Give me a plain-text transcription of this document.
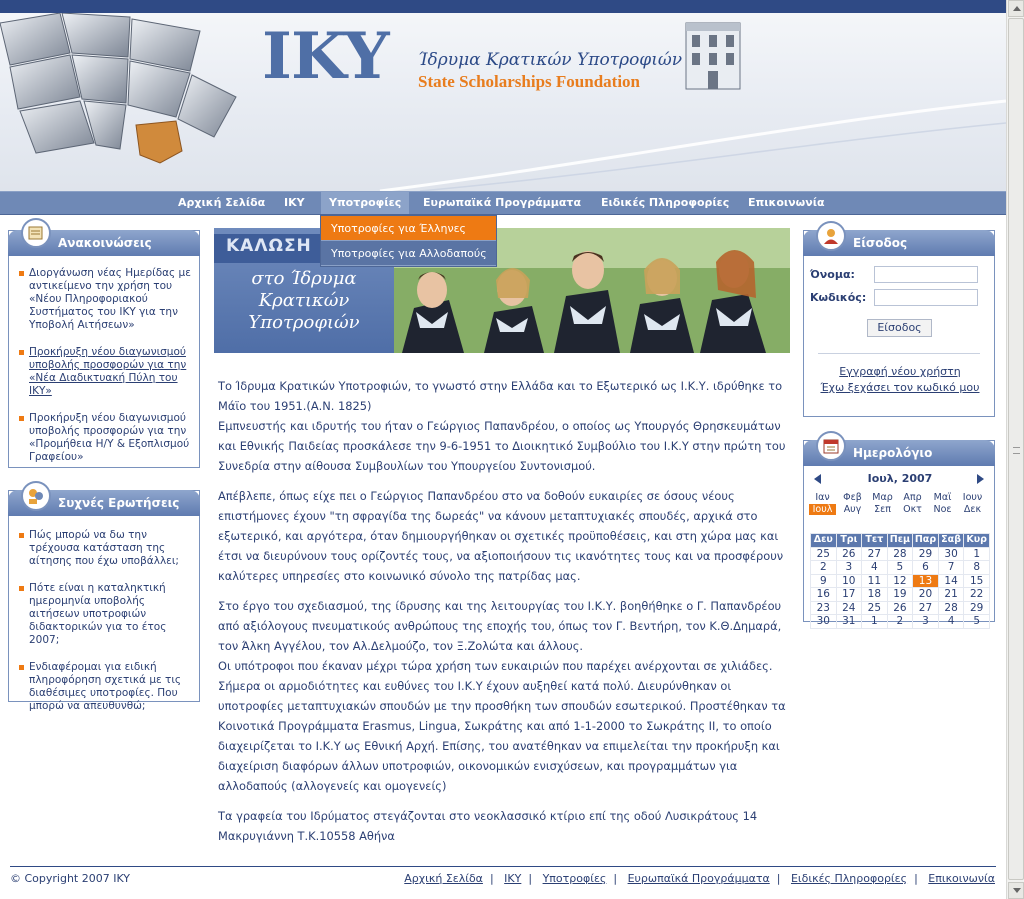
IKY Ίδρυμα Κρατικών Υποτροφιών
State Scholarships Foundation
Αρχική Σελίδα	ΙΚΥ	Υποτροφίες	Ευρωπαϊκά Προγράμματα	Ειδικές Πληροφορίες	Επικοινωνία
ΚΑΛΩΣΗ
στο Ίδρυμα
Κρατικών
Υποτροφιών
Υποτροφίες για Έλληνες
Υποτροφίες για Αλλοδαπούς
Ανακοινώσεις
Διοργάνωση νέας Ημερίδας με αντικείμενο την χρήση του «Νέου Πληροφοριακού Συστήματος του ΙΚΥ για την Υποβολή Αιτήσεων»
Προκήρυξη νέου διαγωνισμού υποβολής προσφορών για την «Νέα Διαδικτυακή Πύλη του ΙΚΥ»
Προκήρυξη νέου διαγωνισμού υποβολής προσφορών για την «Προμήθεια Η/Υ & Εξοπλισμού Γραφείου»
Συχνές Ερωτήσεις
Πώς μπορώ να δω την τρέχουσα κατάσταση της αίτησης που έχω υποβάλλει;
Πότε είναι η καταληκτική ημερομηνία υποβολής αιτήσεων υποτροφιών διδακτορικών για το έτος 2007;
Ενδιαφέρομαι για ειδική πληροφόρηση σχετικά με τις διαθέσιμες υποτροφίες. Που μπορώ να απευθυνθώ;

Το Ίδρυμα Κρατικών Υποτροφιών, το γνωστό στην Ελλάδα και το Εξωτερικό ως Ι.Κ.Υ. ιδρύθηκε το Μάϊο του 1951.(Α.Ν. 1825)
Εμπνευστής και ιδρυτής του ήταν ο Γεώργιος Παπανδρέου, ο οποίος ως Υπουργός Θρησκευμάτων και Εθνικής Παιδείας προσκάλεσε την 9-6-1951 το Διοικητικό Συμβούλιο του Ι.Κ.Υ στην πρώτη του Συνεδρία στην αίθουσα Συμβουλίων του Υπουργείου Συντονισμού.

Απέβλεπε, όπως είχε πει ο Γεώργιος Παπανδρέου στο να δοθούν ευκαιρίες σε όσους νέους επιστήμονες έχουν "τη σφραγίδα της δωρεάς" να κάνουν μεταπτυχιακές σπουδές, αρχικά στο εξωτερικό, και αργότερα, όταν δημιουργήθηκαν οι σχετικές προϋποθέσεις, και στη χώρα μας και έτσι να διευρύνουν τους ορίζοντές τους, να αξιοποιήσουν τις ικανότητες τους και να προσφέρουν καλύτερες υπηρεσίες στο κοινωνικό σύνολο της πατρίδας μας.

Στο έργο του σχεδιασμού, της ίδρυσης και της λειτουργίας του Ι.Κ.Υ. βοηθήθηκε ο Γ. Παπανδρέου από αξιόλογους πνευματικούς ανθρώπους της εποχής του, όπως τον Γ. Βεντήρη, τον Κ.Θ.Δημαρά, τον Άλκη Αγγέλου, τον Αλ.Δελμούζο, τον Ξ.Ζολώτα και άλλους.
Οι υπότροφοι που έκαναν μέχρι τώρα χρήση των ευκαιριών που παρέχει ανέρχονται σε χιλιάδες. Σήμερα οι αρμοδιότητες και ευθύνες του Ι.Κ.Υ έχουν αυξηθεί κατά πολύ. Διευρύνθηκαν οι υποτροφίες μεταπτυχιακών σπουδών με την προσθήκη των σπουδών εσωτερικού. Προστέθηκαν τα Κοινοτικά Προγράμματα Erasmus, Lingua, Σωκράτης και από 1-1-2000 το Σωκράτης ΙΙ, το οποίο διαχειρίζεται το Ι.Κ.Υ ως Εθνική Αρχή. Επίσης, του ανατέθηκαν να επιμελείται την προκήρυξη και διαχείριση διαφόρων άλλων υποτροφιών, οικονομικών ενισχύσεων, και προγραμμάτων για αλλοδαπούς (αλλογενείς και ομογενείς)

Τα γραφεία του Ιδρύματος στεγάζονται στο νεοκλασσικό κτίριο επί της οδού Λυσικράτους 14 Μακρυγιάννη Τ.Κ.10558 Αθήνα

Είσοδος
Όνομα:
Κωδικός:
Είσοδος
Εγγραφή νέου χρήστη
Έχω ξεχάσει τον κωδικό μου
Ημερολόγιο
Ιουλ, 2007
Ιαν	Φεβ	Μαρ	Απρ	Μαϊ	Ιουν
Ιουλ	Αυγ	Σεπ	Οκτ	Νοε	Δεκ
Δευ	Τρι	Τετ	Πεμ	Παρ	Σαβ	Κυρ
25	26	27	28	29	30	1
2	3	4	5	6	7	8
9	10	11	12	13	14	15
16	17	18	19	20	21	22
23	24	25	26	27	28	29
30	31	1	2	3	4	5
© Copyright 2007 IKY	Αρχική Σελίδα | ΙΚΥ | Υποτροφίες | Ευρωπαϊκά Προγράμματα | Ειδικές Πληροφορίες | Επικοινωνία
